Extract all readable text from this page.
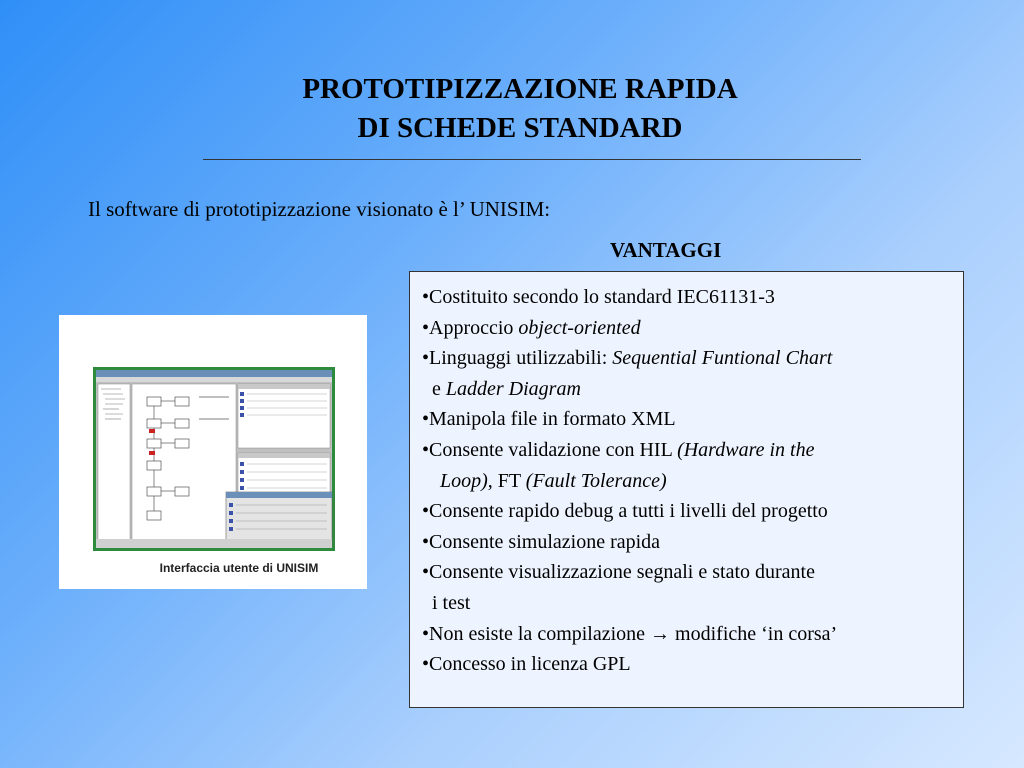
PROTOTIPIZZAZIONE RAPIDA
DI SCHEDE STANDARD
Il software di prototipizzazione visionato è l’ UNISIM:
VANTAGGI
Interfaccia utente di UNISIM
•Costituito secondo lo standard IEC61131-3
•Approccio object-oriented
•Linguaggi utilizzabili: Sequential Funtional Chart
e Ladder Diagram
•Manipola file in formato XML
•Consente validazione con HIL (Hardware in the
Loop), FT (Fault Tolerance)
•Consente rapido debug a tutti i livelli del progetto
•Consente simulazione rapida
•Consente visualizzazione segnali e stato durante
i test
•Non esiste la compilazione → modifiche ‘in corsa’
•Concesso in licenza GPL
